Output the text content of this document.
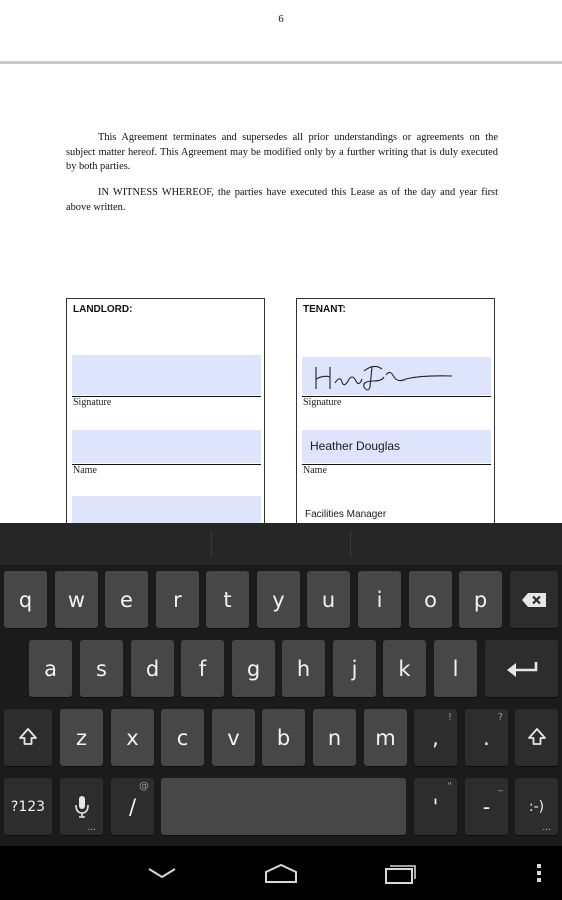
6

This Agreement terminates and supersedes all prior understandings or agreements on the subject matter hereof. This Agreement may be modified only by a further writing that is duly executed by both parties.

IN WITNESS WHEREOF, the parties have executed this Lease as of the day and year first above written.

LANDLORD:
Signature
Name
TENANT:
Signature
Heather Douglas
Name
Facilities Manager
q	w	e	r	t	y	u	i	o	p
a	s	d	f	g	h	j	k	l
z	x	c	v	b	n	m	,
!
.
?
?123
...
/
@
'
"
-
_
:-)
...
